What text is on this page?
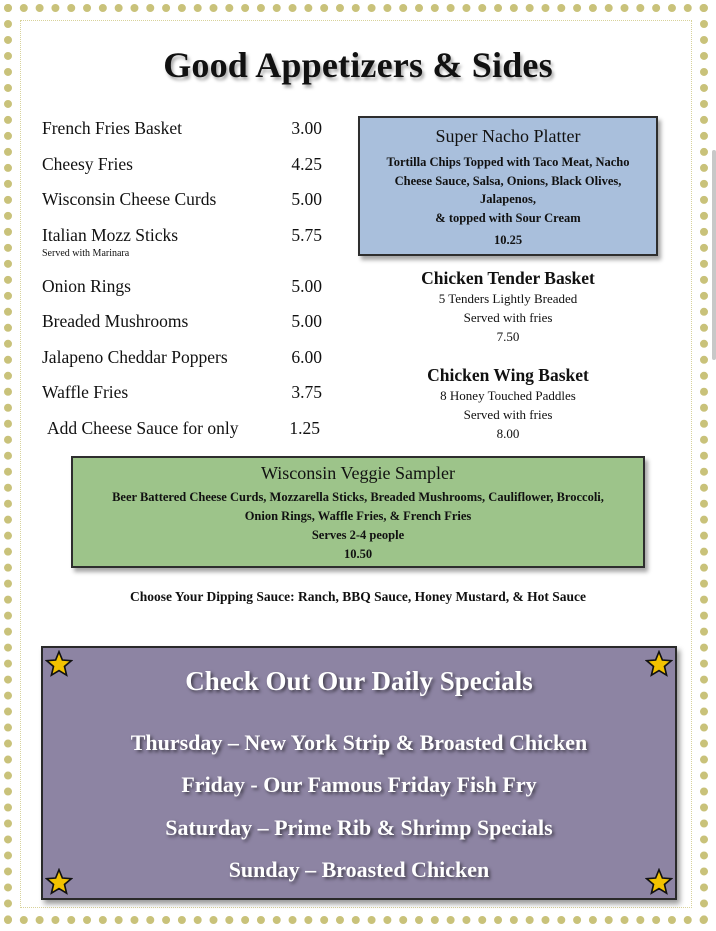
Good Appetizers & Sides
French Fries Basket	3.00
Cheesy Fries	4.25
Wisconsin Cheese Curds	5.00
Italian Mozz Sticks	5.75
Served with Marinara
Onion Rings	5.00
Breaded Mushrooms	5.00
Jalapeno Cheddar Poppers	6.00
Waffle Fries	3.75
Add Cheese Sauce for only	1.25
Super Nacho Platter
Tortilla Chips Topped with Taco Meat, Nacho
Cheese Sauce, Salsa, Onions, Black Olives,
Jalapenos,
& topped with Sour Cream
10.25
Chicken Tender Basket
5 Tenders Lightly Breaded
Served with fries
7.50
Chicken Wing Basket
8 Honey Touched Paddles
Served with fries
8.00
Wisconsin Veggie Sampler
Beer Battered Cheese Curds, Mozzarella Sticks, Breaded Mushrooms, Cauliflower, Broccoli,
Onion Rings, Waffle Fries, & French Fries
Serves 2-4 people
10.50
Choose Your Dipping Sauce: Ranch, BBQ Sauce, Honey Mustard, & Hot Sauce
Check Out Our Daily Specials
Thursday – New York Strip & Broasted Chicken
Friday - Our Famous Friday Fish Fry
Saturday – Prime Rib & Shrimp Specials
Sunday – Broasted Chicken
